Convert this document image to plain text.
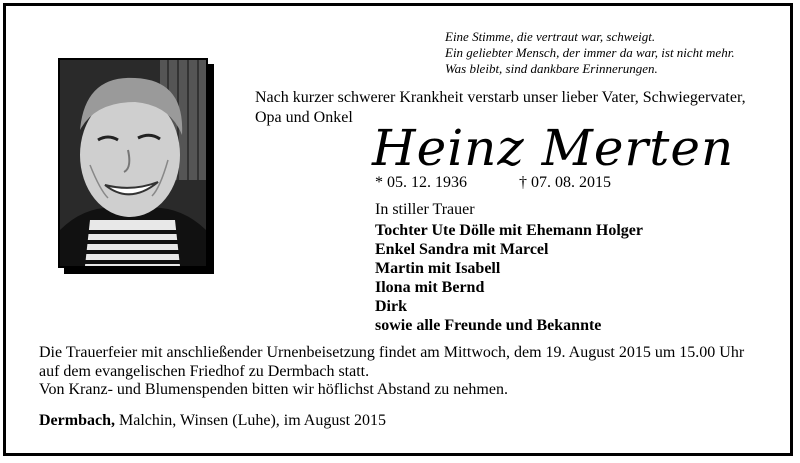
Eine Stimme, die vertraut war, schweigt.
Ein geliebter Mensch, der immer da war, ist nicht mehr.
Was bleibt, sind dankbare Erinnerungen.
Nach kurzer schwerer Krankheit verstarb unser lieber Vater, Schwiegervater, Opa und Onkel
Heinz Merten
* 05. 12. 1936	† 07. 08. 2015
In stiller Trauer
Tochter Ute Dölle mit Ehemann Holger
Enkel Sandra mit Marcel
Martin mit Isabell
Ilona mit Bernd
Dirk
sowie alle Freunde und Bekannte
Die Trauerfeier mit anschließender Urnenbeisetzung findet am Mittwoch, dem 19. August 2015 um 15.00 Uhr
auf dem evangelischen Friedhof zu Dermbach statt.
Von Kranz- und Blumenspenden bitten wir höflichst Abstand zu nehmen.
Dermbach, Malchin, Winsen (Luhe), im August 2015
